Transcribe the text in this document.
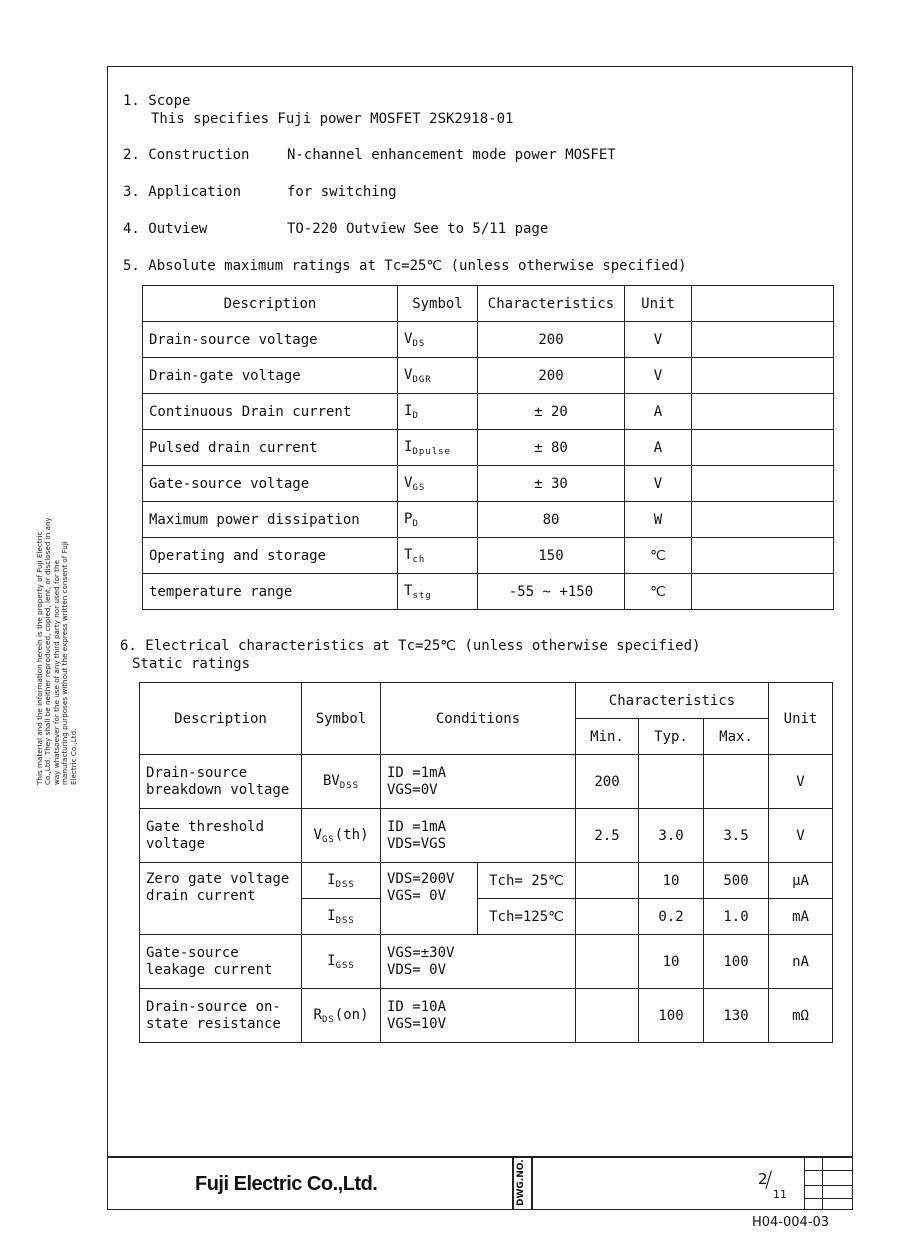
This material and the information herein is the property of Fuji Electric Co.,Ltd. They shall be neither reproduced, copied, lent, or disclosed in any way whatsoever for the use of any third party nor used for the manufacturing purposes without the express written consent of Fuji Electric Co.,Ltd.
1. Scope
This specifies Fuji power MOSFET 2SK2918-01
2. Construction	N-channel enhancement mode power MOSFET
3. Application	for switching
4. Outview	TO-220 Outview See to 5/11 page
5. Absolute maximum ratings at Tc=25℃ (unless otherwise specified)
Description	Symbol	Characteristics	Unit	
Drain-source voltage	$V_{DS}$	200	V	
Drain-gate voltage	$V_{DGR}$	200	V	
Continuous Drain current	$I_D$	± 20	A	
Pulsed drain current	$I_{Dpulse}$	± 80	A	
Gate-source voltage	$V_{GS}$	± 30	V	
Maximum power dissipation	$P_D$	80	W	
Operating and storage	$T_{ch}$	150	℃	
temperature range	$T_{stg}$	-55 ~ +150	℃	
6. Electrical characteristics at Tc=25℃ (unless otherwise specified)
Static ratings
Description	Symbol	Conditions		Characteristics			Unit
				Min.	Typ.	Max.	
Drain-source
breakdown voltage	$BV_{DSS}$	ID =1mA
VGS=0V		200			V
Gate threshold
voltage	$V_{GS}(th)$	ID =1mA
VDS=VGS		2.5	3.0	3.5	V
Zero gate voltage
drain current	$I_{DSS}$	VDS=200V
VGS= 0V	Tch= 25℃		10	500	μA
	$I_{DSS}$		Tch=125℃		0.2	1.0	mA
Gate-source
leakage current	$I_{GSS}$	VGS=±30V
VDS= 0V			10	100	nA
Drain-source on-
state resistance	$R_{DS}(on)$	ID =10A
VGS=10V			100	130	mΩ
Fuji Electric Co.,Ltd.	DWG.NO.	2
/
11
H04-004-03
